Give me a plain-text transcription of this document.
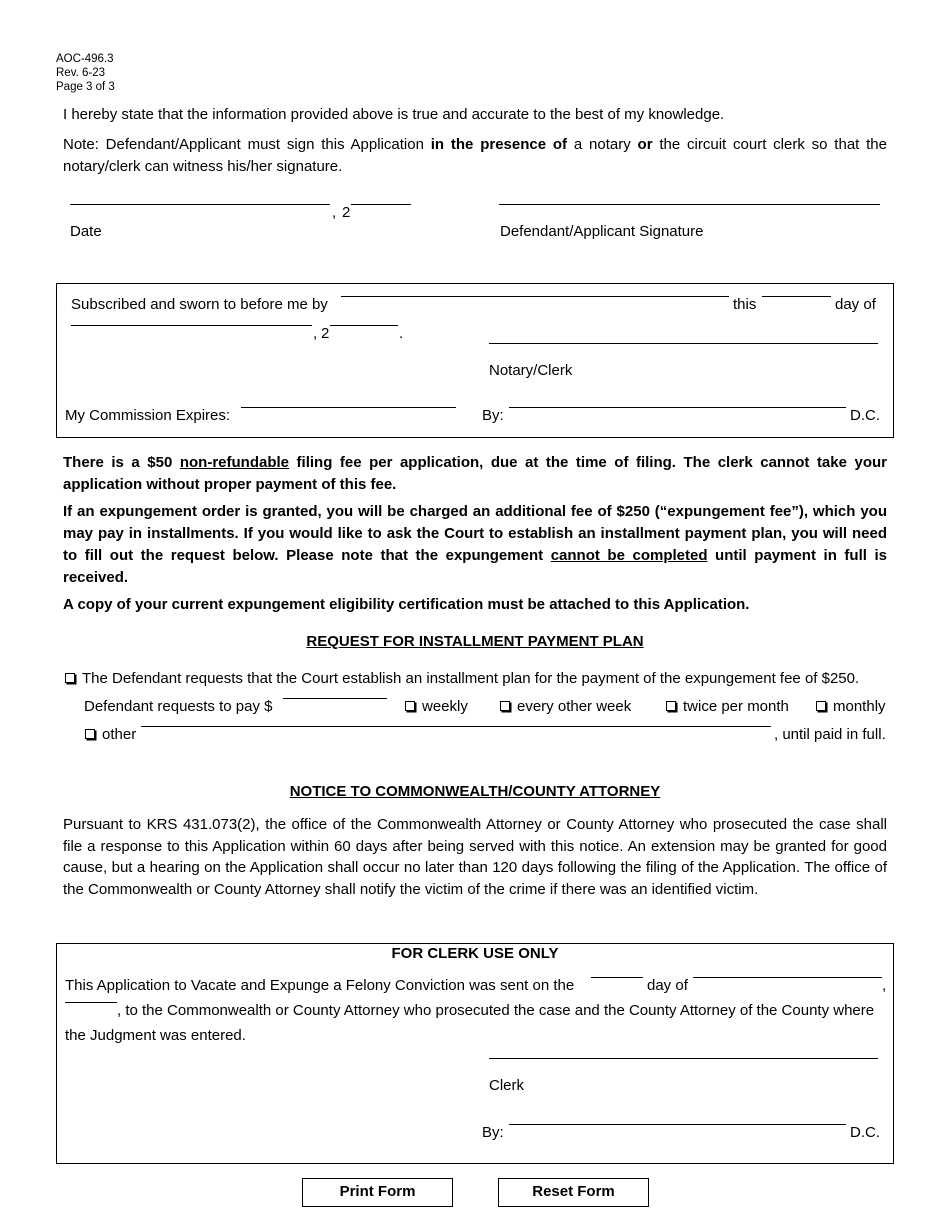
AOC-496.3
Rev. 6-23
Page 3 of 3
I hereby state that the information provided above is true and accurate to the best of my knowledge.
Note: Defendant/Applicant must sign this Application in the presence of a notary or the circuit court clerk so that the notary/clerk can witness his/her signature.
, 2
Date	Defendant/Applicant Signature
Subscribed and sworn to before me by	this	day of
, 2	.
Notary/Clerk
My Commission Expires:	By:	D.C.
There is a $50 non-refundable filing fee per application, due at the time of filing. The clerk cannot take your application without proper payment of this fee.
If an expungement order is granted, you will be charged an additional fee of $250 (“expungement fee”), which you may pay in installments. If you would like to ask the Court to establish an installment payment plan, you will need to fill out the request below. Please note that the expungement cannot be completed until payment in full is received.
A copy of your current expungement eligibility certification must be attached to this Application.
REQUEST FOR INSTALLMENT PAYMENT PLAN
The Defendant requests that the Court establish an installment plan for the payment of the expungement fee of $250.
Defendant requests to pay $	weekly	every other week	twice per month	monthly
other	, until paid in full.
NOTICE TO COMMONWEALTH/COUNTY ATTORNEY
Pursuant to KRS 431.073(2), the office of the Commonwealth Attorney or County Attorney who prosecuted the case shall file a response to this Application within 60 days after being served with this notice. An extension may be granted for good cause, but a hearing on the Application shall occur no later than 120 days following the filing of the Application. The office of the Commonwealth or County Attorney shall notify the victim of the crime if there was an identified victim.
FOR CLERK USE ONLY
This Application to Vacate and Expunge a Felony Conviction was sent on the	day of	,
, to the Commonwealth or County Attorney who prosecuted the case and the County Attorney of the County where
the Judgment was entered.
Clerk
By:	D.C.
Print Form	Reset Form
